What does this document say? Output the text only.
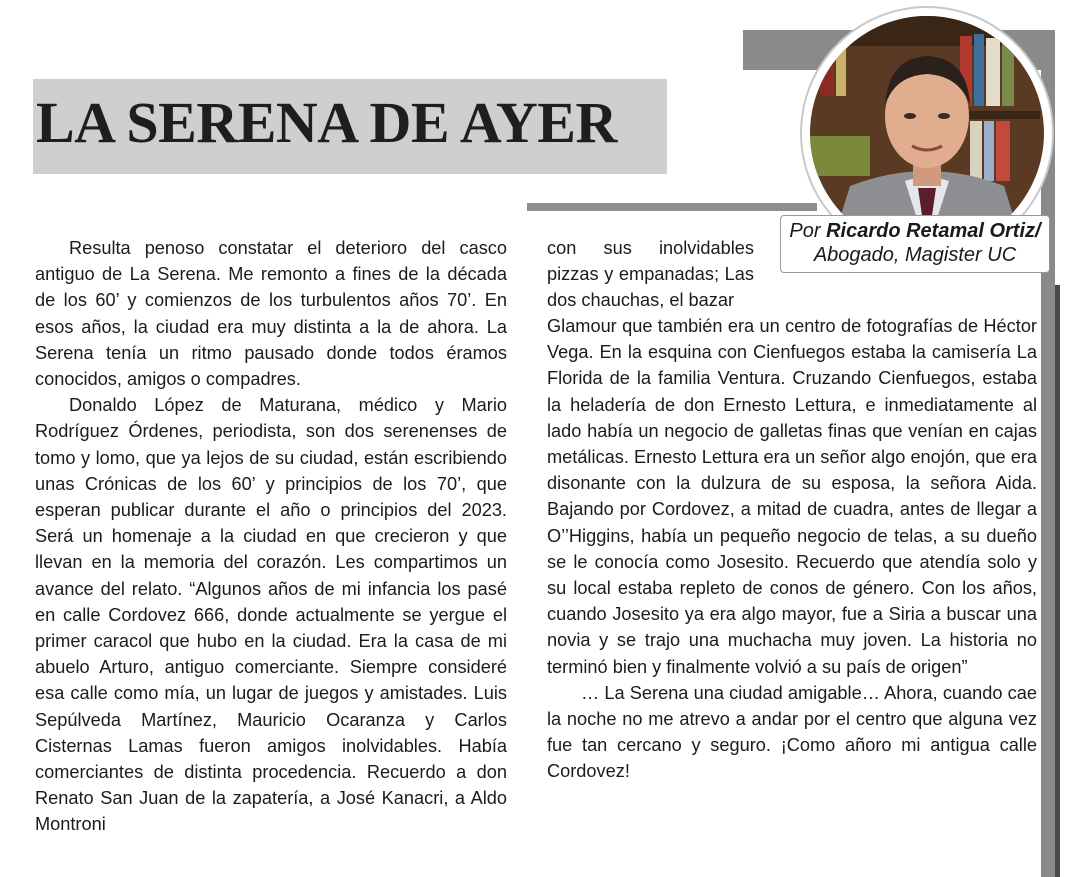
LA SERENA DE AYER
Por Ricardo Retamal Ortiz/
Abogado, Magister UC

Resulta penoso constatar el deterioro del casco antiguo de La Serena. Me remonto a fines de la década de los 60’ y comienzos de los turbulentos años 70’. En esos años, la ciudad era muy distinta a la de ahora. La Serena tenía un ritmo pausado donde todos éramos conocidos, amigos o compadres.

Donaldo López de Maturana, médico y Mario Rodríguez Órdenes, periodista, son dos serenenses de tomo y lomo, que ya lejos de su ciudad, están escribiendo unas Crónicas de los 60’ y principios de los 70’, que esperan publicar durante el año o principios del 2023. Será un homenaje a la ciudad en que crecieron y que llevan en la memoria del corazón. Les compartimos un avance del relato. “Algunos años de mi infancia los pasé en calle Cordovez 666, donde actualmente se yergue el primer caracol que hubo en la ciudad. Era la casa de mi abuelo Arturo, antiguo comerciante. Siempre consideré esa calle como mía, un lugar de juegos y amistades. Luis Sepúlveda Martínez, Mauricio Ocaranza y Carlos Cisternas Lamas fueron amigos inolvidables. Había comerciantes de distinta procedencia. Recuerdo a don Renato San Juan de la zapatería, a José Kanacri, a Aldo Montroni

con sus inolvidables pizzas y empanadas; Las dos chauchas, el bazar

Glamour que también era un centro de fotografías de Héctor Vega. En la esquina con Cienfuegos estaba la camisería La Florida de la familia Ventura. Cruzando Cienfuegos, estaba la heladería de don Ernesto Lettura, e inmediatamente al lado había un negocio de galletas finas que venían en cajas metálicas. Ernesto Lettura era un señor algo enojón, que era disonante con la dulzura de su esposa, la señora Aida. Bajando por Cordovez, a mitad de cuadra, antes de llegar a O’’Higgins, había un pequeño negocio de telas, a su dueño se le conocía como Josesito. Recuerdo que atendía solo y su local estaba repleto de conos de género. Con los años, cuando Josesito ya era algo mayor, fue a Siria a buscar una novia y se trajo una muchacha muy joven. La historia no terminó bien y finalmente volvió a su país de origen”

… La Serena una ciudad amigable… Ahora, cuando cae la noche no me atrevo a andar por el centro que alguna vez fue tan cercano y seguro. ¡Como añoro mi antigua calle Cordovez!
